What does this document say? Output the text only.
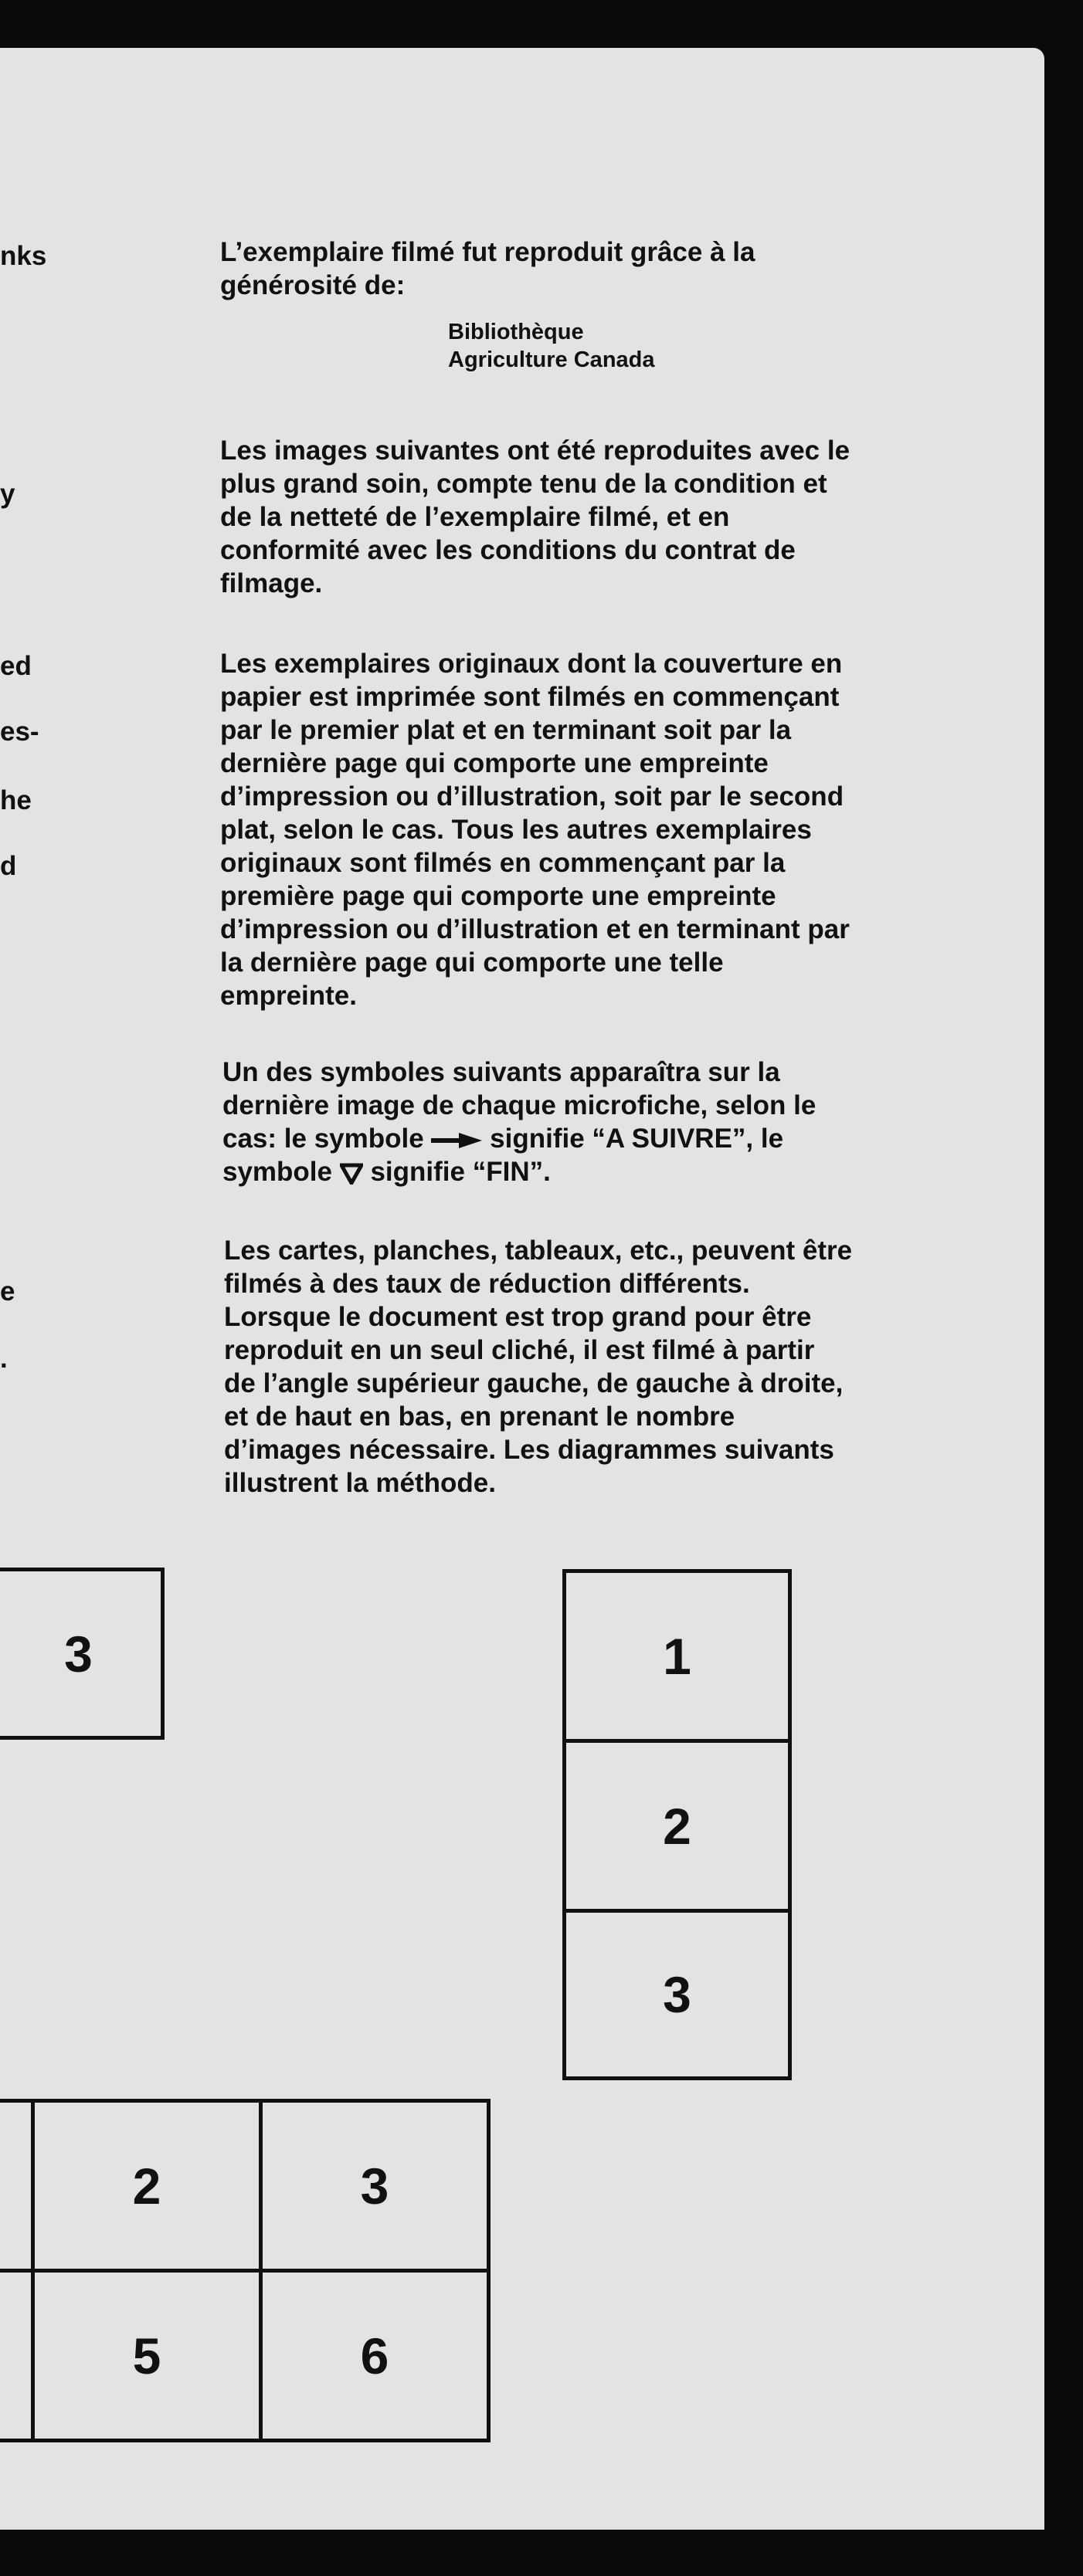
nks
y
ed
es-
he
d
e
.
L’exemplaire filmé fut reproduit grâce à la
générosité de:
Bibliothèque
Agriculture Canada
Les images suivantes ont été reproduites avec le
plus grand soin, compte tenu de la condition et
de la netteté de l’exemplaire filmé, et en
conformité avec les conditions du contrat de
filmage.
Les exemplaires originaux dont la couverture en
papier est imprimée sont filmés en commençant
par le premier plat et en terminant soit par la
dernière page qui comporte une empreinte
d’impression ou d’illustration, soit par le second
plat, selon le cas. Tous les autres exemplaires
originaux sont filmés en commençant par la
première page qui comporte une empreinte
d’impression ou d’illustration et en terminant par
la dernière page qui comporte une telle
empreinte.
Un des symboles suivants apparaîtra sur la
dernière image de chaque microfiche, selon le
cas: le symbole signifie “A SUIVRE”, le
symbole signifie “FIN”.
Les cartes, planches, tableaux, etc., peuvent être
filmés à des taux de réduction différents.
Lorsque le document est trop grand pour être
reproduit en un seul cliché, il est filmé à partir
de l’angle supérieur gauche, de gauche à droite,
et de haut en bas, en prenant le nombre
d’images nécessaire. Les diagrammes suivants
illustrent la méthode.
3	1
2
3
2	3
5	6
